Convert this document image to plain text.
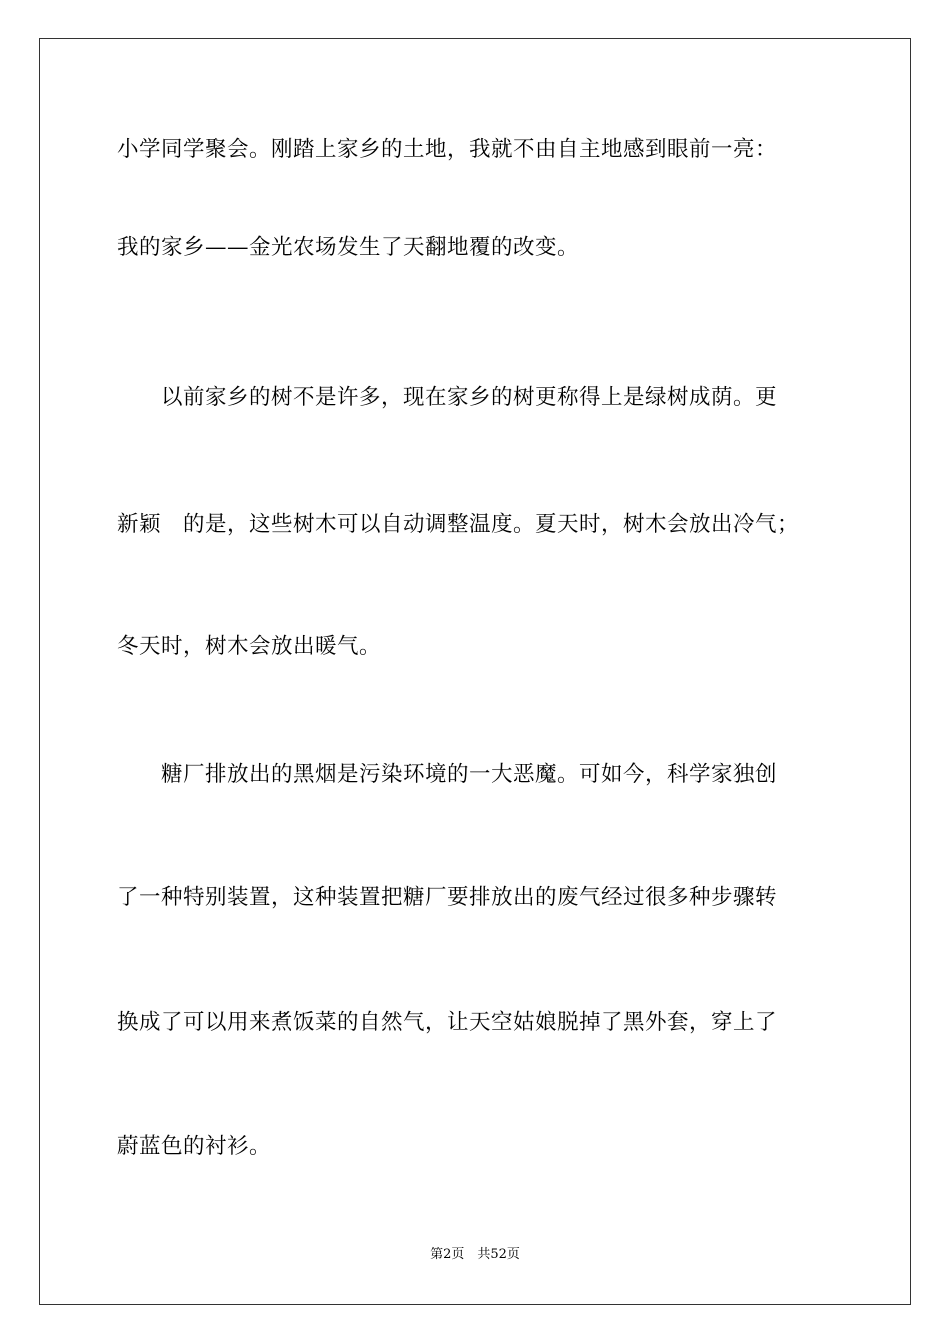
小学同学聚会。刚踏上家乡的土地，我就不由自主地感到眼前一亮：
我的家乡——金光农场发生了天翻地覆的改变。
　　以前家乡的树不是许多，现在家乡的树更称得上是绿树成荫。更
新颖　的是，这些树木可以自动调整温度。夏天时，树木会放出冷气；
冬天时，树木会放出暖气。
　　糖厂排放出的黑烟是污染环境的一大恶魔。可如今，科学家独创
了一种特别装置，这种装置把糖厂要排放出的废气经过很多种步骤转
换成了可以用来煮饭菜的自然气，让天空姑娘脱掉了黑外套，穿上了
蔚蓝色的衬衫。
第2页　共52页
